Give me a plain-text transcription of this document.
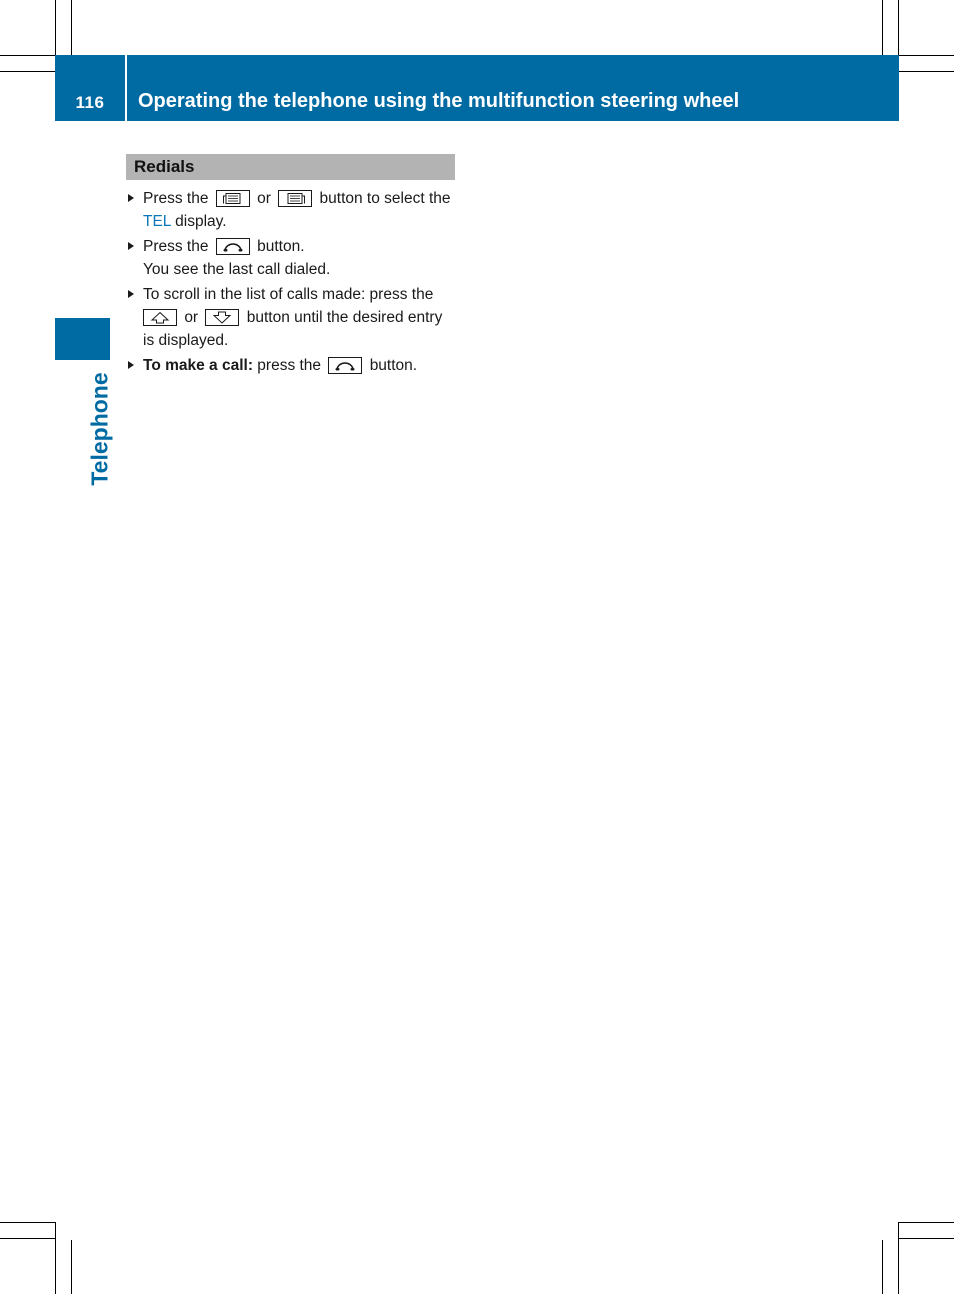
116	Operating the telephone using the multifunction steering wheel
Telephone
Redials
Press the	or	button to select the
TEL display.
Press the	button.
You see the last call dialed.
To scroll in the list of calls made: press the
or	button until the desired entry
is displayed.
To make a call: press the	button.
